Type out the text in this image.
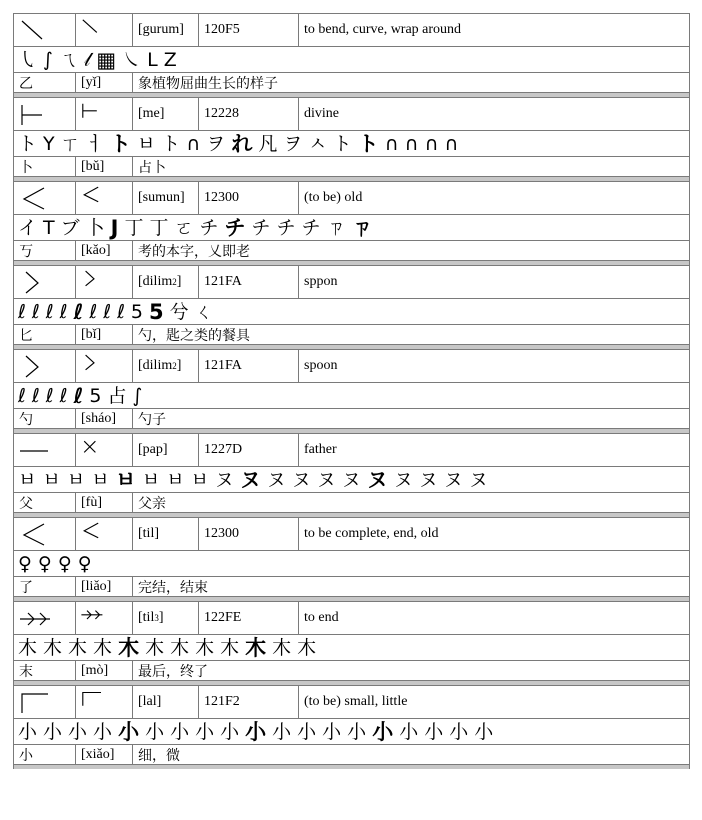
[ gurum ]	120F5	to bend, curve, wrap around
㇂ ∫ ㄟ 𝓁 ▦ ㇏ L Z
乙	[yǐ]	象植物屈曲生长的样子
[ me ]	12228	divine
ト Y ㄒ ㅓ ト ㅂ ト ∩ ヲ れ 凡 ヲ ㅅ ト ト ∩ ∩ ∩ ∩
卜	[bǔ]	占卜
[ sumun ]	12300	(to be) old
イ T ブ 卜 J 丁 丁 ㄛ チ チ チ チ チ ㄗ ㄗ
丂	[kǎo]	考的本字，乂即老
[ dilim 2 ]	121FA	sppon
ℓ ℓ ℓ ℓ ℓ ℓ ℓ ℓ 5 5 兮 ㄑ
匕	[bǐ]	勺，匙之类的餐具
[ dilim 2 ]	121FA	spoon
ℓ ℓ ℓ ℓ ℓ 5 占 ∫
勺	[sháo]	勺子
[ pap ]	1227D	father
ㅂ ㅂ ㅂ ㅂ ㅂ ㅂ ㅂ ㅂ ヌ ヌ ヌ ヌ ヌ ヌ ヌ ヌ ヌ ヌ ヌ
父	[fù]	父亲
[ til ]	12300	to be complete, end, old
♀ ♀ ♀ ♀
了	[liǎo]	完结，结束
[ til 3 ]	122FE	to end
木 木 木 木 木 木 木 木 木 木 木 木
末	[mò]	最后，终了
[ lal ]	121F2	(to be) small, little
小 小 小 小 小 小 小 小 小 小 小 小 小 小 小 小 小 小 小
小	[xiǎo]	细，微
